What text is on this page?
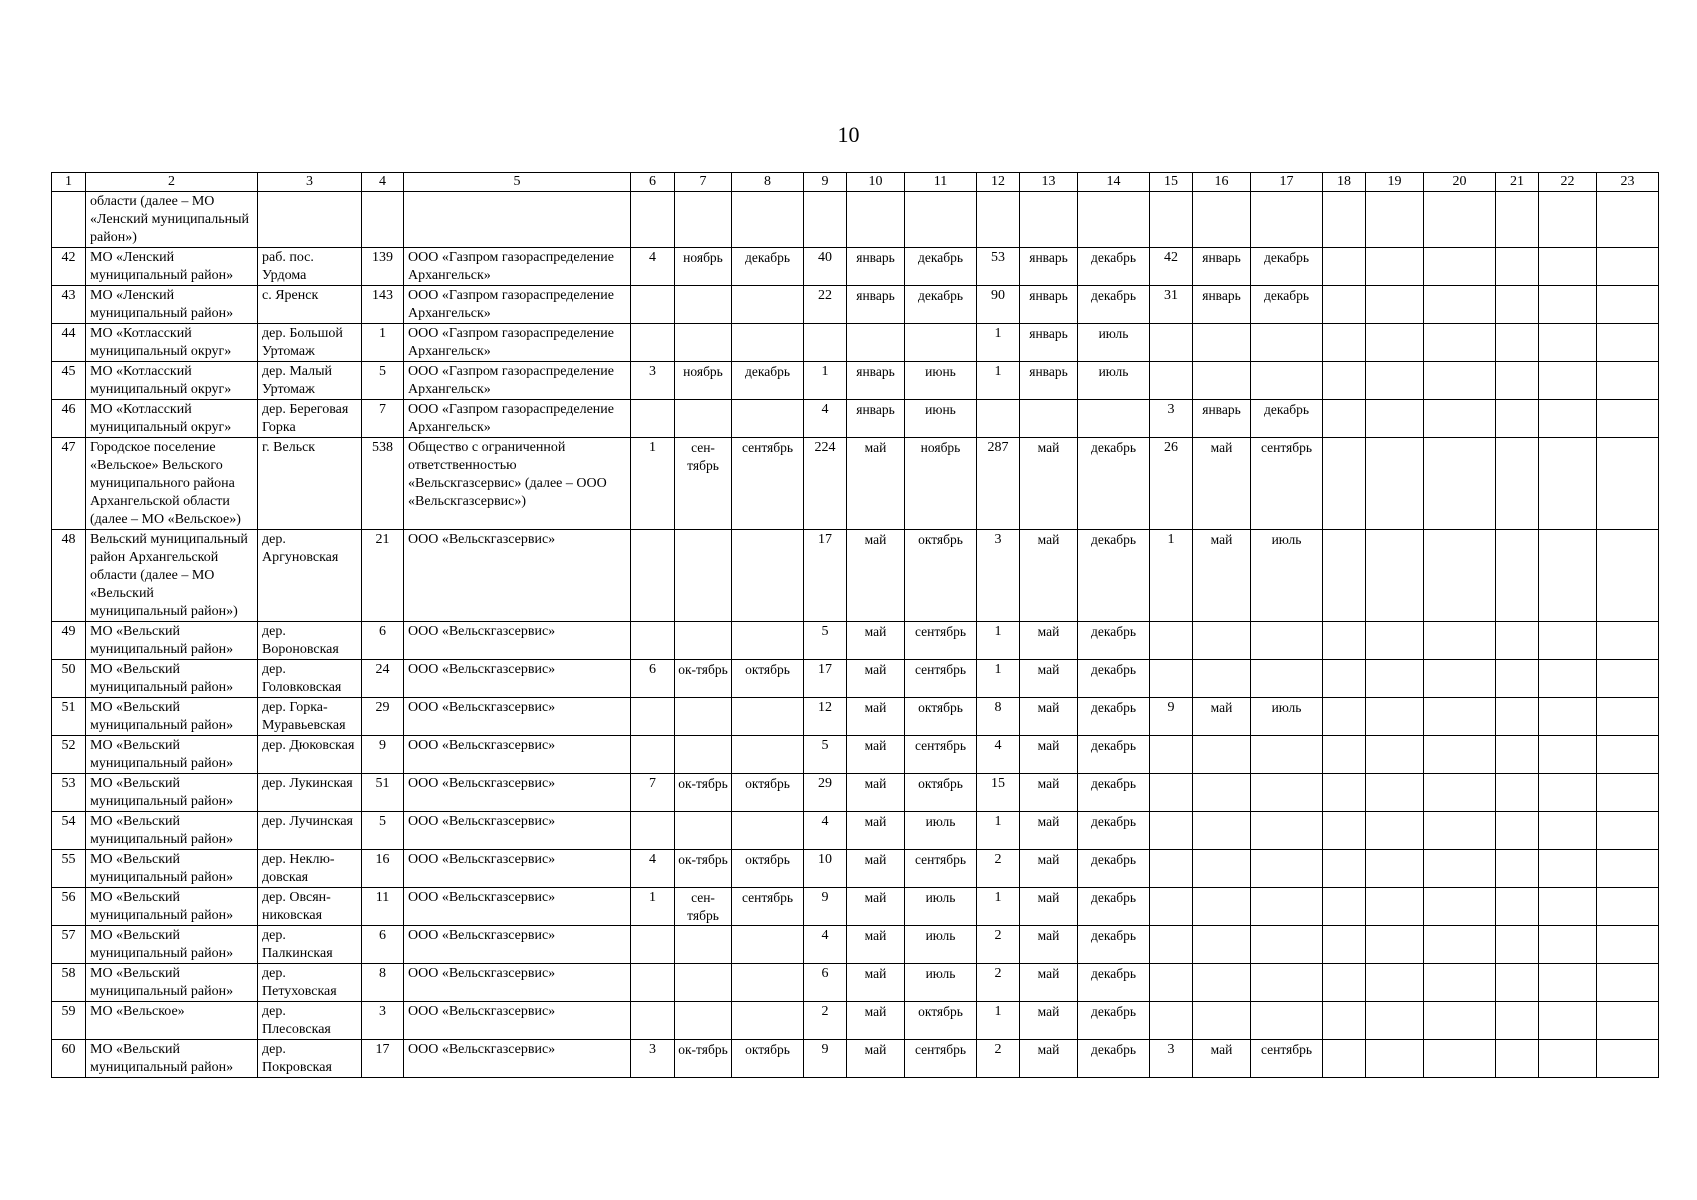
10
1	2	3	4	5	6	7	8	9	10	11	12	13	14	15	16	17	18	19	20	21	22	23
	области (далее – МО «Ленский муниципальный район»)																					
42	МО «Ленский муниципальный район»	раб. пос. Урдома	139	ООО «Газпром газораспределение Архангельск»	4	ноябрь	декабрь	40	январь	декабрь	53	январь	декабрь	42	январь	декабрь						
43	МО «Ленский муниципальный район»	с. Яренск	143	ООО «Газпром газораспределение Архангельск»				22	январь	декабрь	90	январь	декабрь	31	январь	декабрь						
44	МО «Котласский муниципальный округ»	дер. Большой Уртомаж	1	ООО «Газпром газораспределение Архангельск»							1	январь	июль									
45	МО «Котласский муниципальный округ»	дер. Малый Уртомаж	5	ООО «Газпром газораспределение Архангельск»	3	ноябрь	декабрь	1	январь	июнь	1	январь	июль									
46	МО «Котласский муниципальный округ»	дер. Береговая Горка	7	ООО «Газпром газораспределение Архангельск»				4	январь	июнь				3	январь	декабрь						
47	Городское поселение «Вельское» Вельского муниципального района Архангельской области (далее – МО «Вельское»)	г. Вельск	538	Общество с ограниченной ответственностью «Вельскгазсервис» (далее – ООО «Вельскгазсервис»)	1	сен-тябрь	сентябрь	224	май	ноябрь	287	май	декабрь	26	май	сентябрь						
48	Вельский муниципальный район Архангельской области (далее – МО «Вельский муниципальный район»)	дер. Аргуновская	21	ООО «Вельскгазсервис»				17	май	октябрь	3	май	декабрь	1	май	июль						
49	МО «Вельский муниципальный район»	дер. Вороновская	6	ООО «Вельскгазсервис»				5	май	сентябрь	1	май	декабрь									
50	МО «Вельский муниципальный район»	дер. Головковская	24	ООО «Вельскгазсервис»	6	ок-тябрь	октябрь	17	май	сентябрь	1	май	декабрь									
51	МО «Вельский муниципальный район»	дер. Горка-Муравьевская	29	ООО «Вельскгазсервис»				12	май	октябрь	8	май	декабрь	9	май	июль						
52	МО «Вельский муниципальный район»	дер. Дюковская	9	ООО «Вельскгазсервис»				5	май	сентябрь	4	май	декабрь									
53	МО «Вельский муниципальный район»	дер. Лукинская	51	ООО «Вельскгазсервис»	7	ок-тябрь	октябрь	29	май	октябрь	15	май	декабрь									
54	МО «Вельский муниципальный район»	дер. Лучинская	5	ООО «Вельскгазсервис»				4	май	июль	1	май	декабрь									
55	МО «Вельский муниципальный район»	дер. Неклю-довская	16	ООО «Вельскгазсервис»	4	ок-тябрь	октябрь	10	май	сентябрь	2	май	декабрь									
56	МО «Вельский муниципальный район»	дер. Овсян-никовская	11	ООО «Вельскгазсервис»	1	сен-тябрь	сентябрь	9	май	июль	1	май	декабрь									
57	МО «Вельский муниципальный район»	дер. Палкинская	6	ООО «Вельскгазсервис»				4	май	июль	2	май	декабрь									
58	МО «Вельский муниципальный район»	дер. Петуховская	8	ООО «Вельскгазсервис»				6	май	июль	2	май	декабрь									
59	МО «Вельское»	дер. Плесовская	3	ООО «Вельскгазсервис»				2	май	октябрь	1	май	декабрь									
60	МО «Вельский муниципальный район»	дер. Покровская	17	ООО «Вельскгазсервис»	3	ок-тябрь	октябрь	9	май	сентябрь	2	май	декабрь	3	май	сентябрь						
